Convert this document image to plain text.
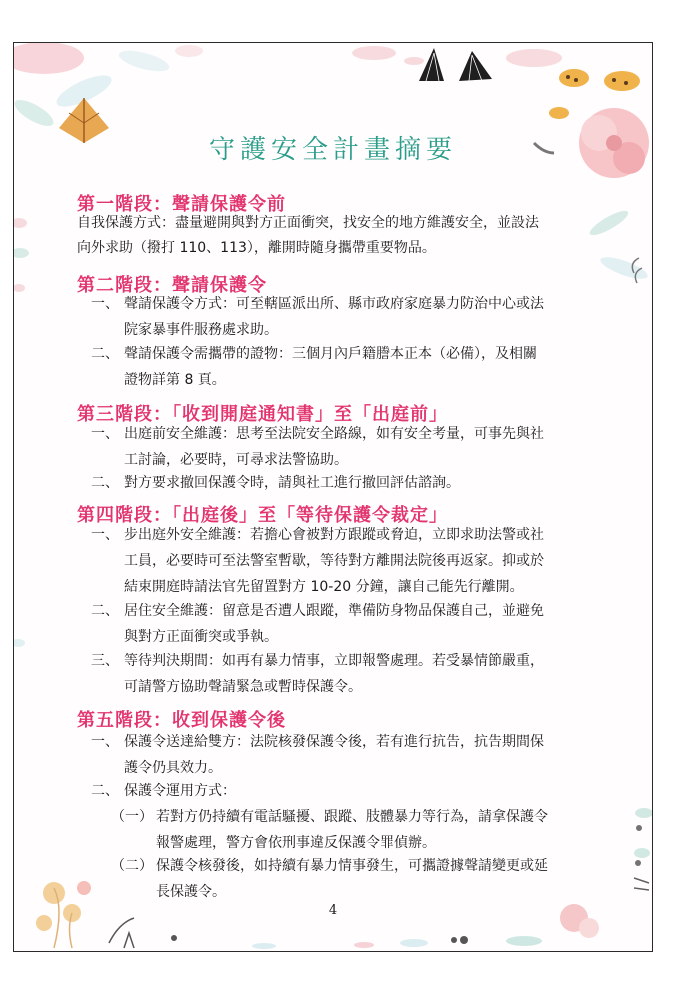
守護安全計畫摘要
第一階段：聲請保護令前
自我保護方式：盡量避開與對方正面衝突，找安全的地方維護安全，並設法
向外求助（撥打 110、113），離開時隨身攜帶重要物品。
第二階段：聲請保護令
一、 聲請保護令方式：可至轄區派出所、縣市政府家庭暴力防治中心或法
院家暴事件服務處求助。
二、 聲請保護令需攜帶的證物：三個月內戶籍謄本正本（必備），及相關
證物詳第 8 頁。
第三階段：「收到開庭通知書」至「出庭前」
一、 出庭前安全維護：思考至法院安全路線，如有安全考量，可事先與社
工討論，必要時，可尋求法警協助。
二、 對方要求撤回保護令時，請與社工進行撤回評估諮詢。
第四階段：「出庭後」至「等待保護令裁定」
一、 步出庭外安全維護：若擔心會被對方跟蹤或脅迫，立即求助法警或社
工員，必要時可至法警室暫歇，等待對方離開法院後再返家。抑或於
結束開庭時請法官先留置對方 10-20 分鐘，讓自己能先行離開。
二、 居住安全維護：留意是否遭人跟蹤，準備防身物品保護自己，並避免
與對方正面衝突或爭執。
三、 等待判決期間：如再有暴力情事，立即報警處理。若受暴情節嚴重，
可請警方協助聲請緊急或暫時保護令。
第五階段：收到保護令後
一、 保護令送達給雙方：法院核發保護令後，若有進行抗告，抗告期間保
護令仍具效力。
二、 保護令運用方式：
（一） 若對方仍持續有電話騷擾、跟蹤、肢體暴力等行為，請拿保護令
報警處理，警方會依刑事違反保護令罪偵辦。
（二） 保護令核發後，如持續有暴力情事發生，可攜證據聲請變更或延
長保護令。
4
